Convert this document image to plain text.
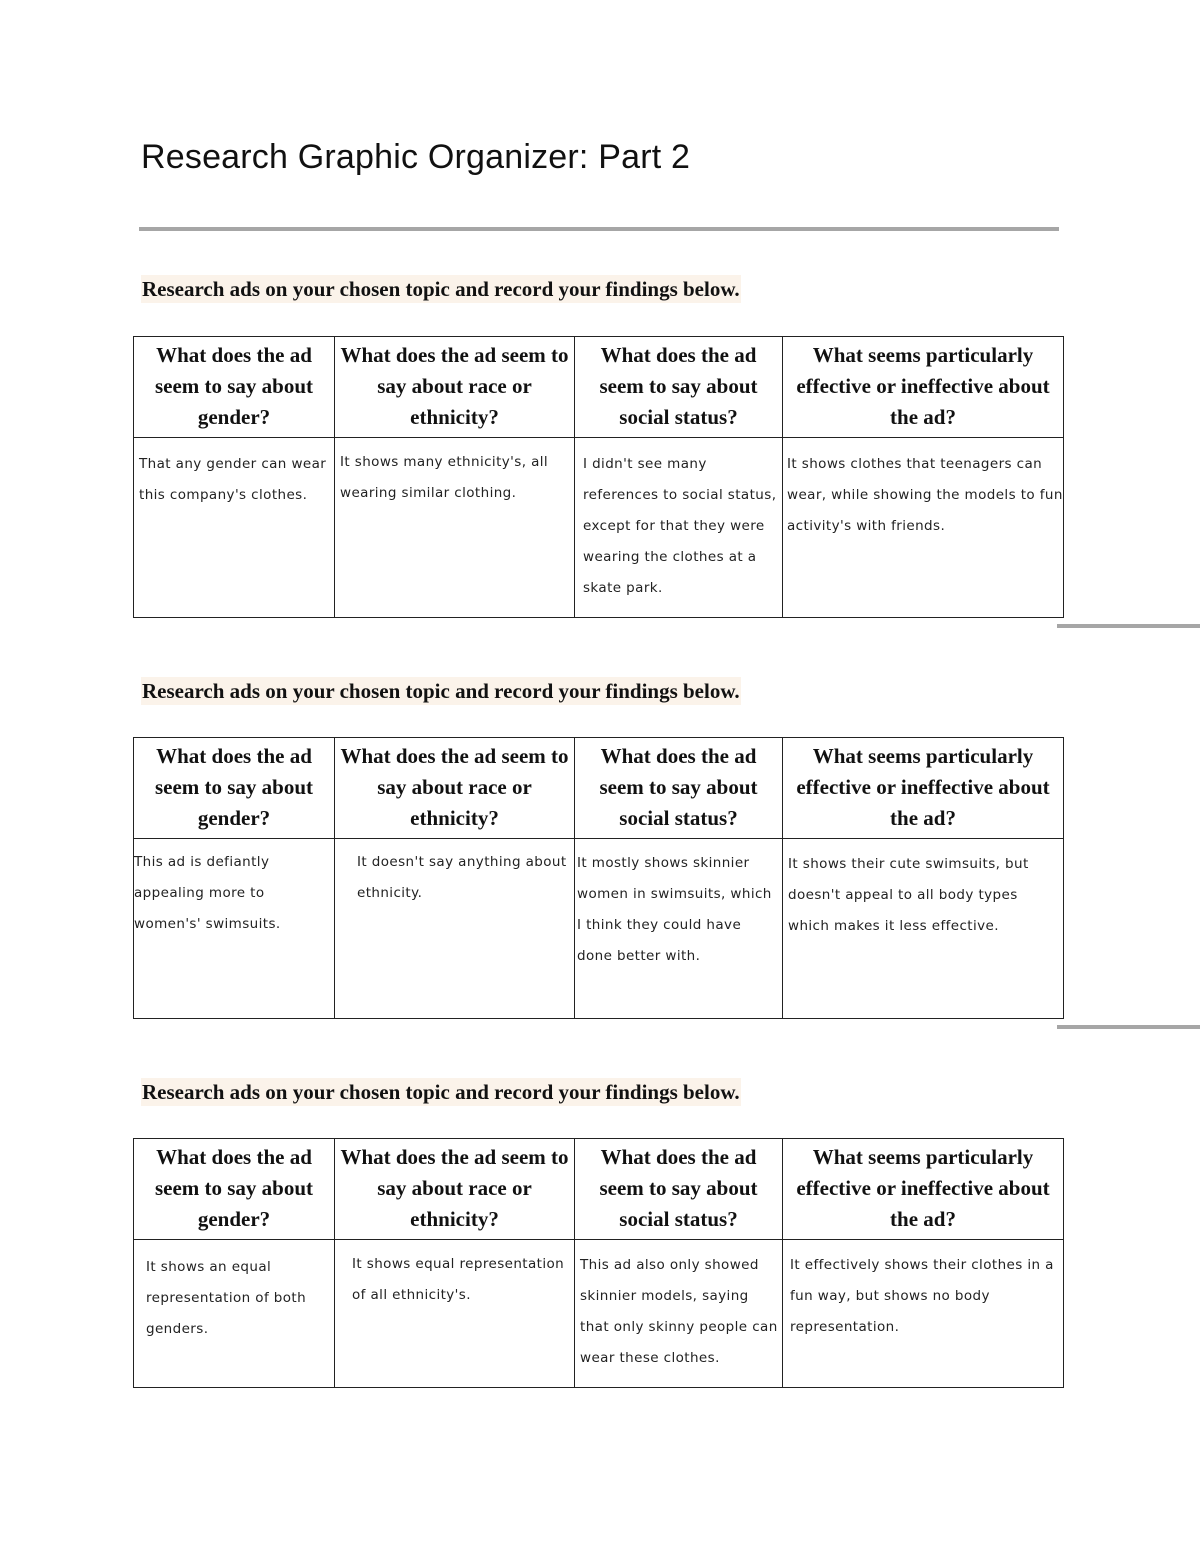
Research Graphic Organizer: Part 2
Research ads on your chosen topic and record your findings below.
What does the ad seem to say about gender?	What does the ad seem to say about race or ethnicity?	What does the ad seem to say about social status?	What seems particularly effective or ineffective about the ad?
That any gender can wear this company's clothes.	It shows many ethnicity's, all wearing similar clothing.	I didn't see many references to social status, except for that they were wearing the clothes at a skate park.	It shows clothes that teenagers can wear, while showing the models to fun activity's with friends.
Research ads on your chosen topic and record your findings below.
What does the ad seem to say about gender?	What does the ad seem to say about race or ethnicity?	What does the ad seem to say about social status?	What seems particularly effective or ineffective about the ad?
This ad is defiantly appealing more to women's' swimsuits.	It doesn't say anything about ethnicity.	It mostly shows skinnier women in swimsuits, which I think they could have done better with.	It shows their cute swimsuits, but doesn't appeal to all body types which makes it less effective.
Research ads on your chosen topic and record your findings below.
What does the ad seem to say about gender?	What does the ad seem to say about race or ethnicity?	What does the ad seem to say about social status?	What seems particularly effective or ineffective about the ad?
It shows an equal representation of both genders.	It shows equal representation of all ethnicity's.	This ad also only showed skinnier models, saying that only skinny people can wear these clothes.	It effectively shows their clothes in a fun way, but shows no body representation.
